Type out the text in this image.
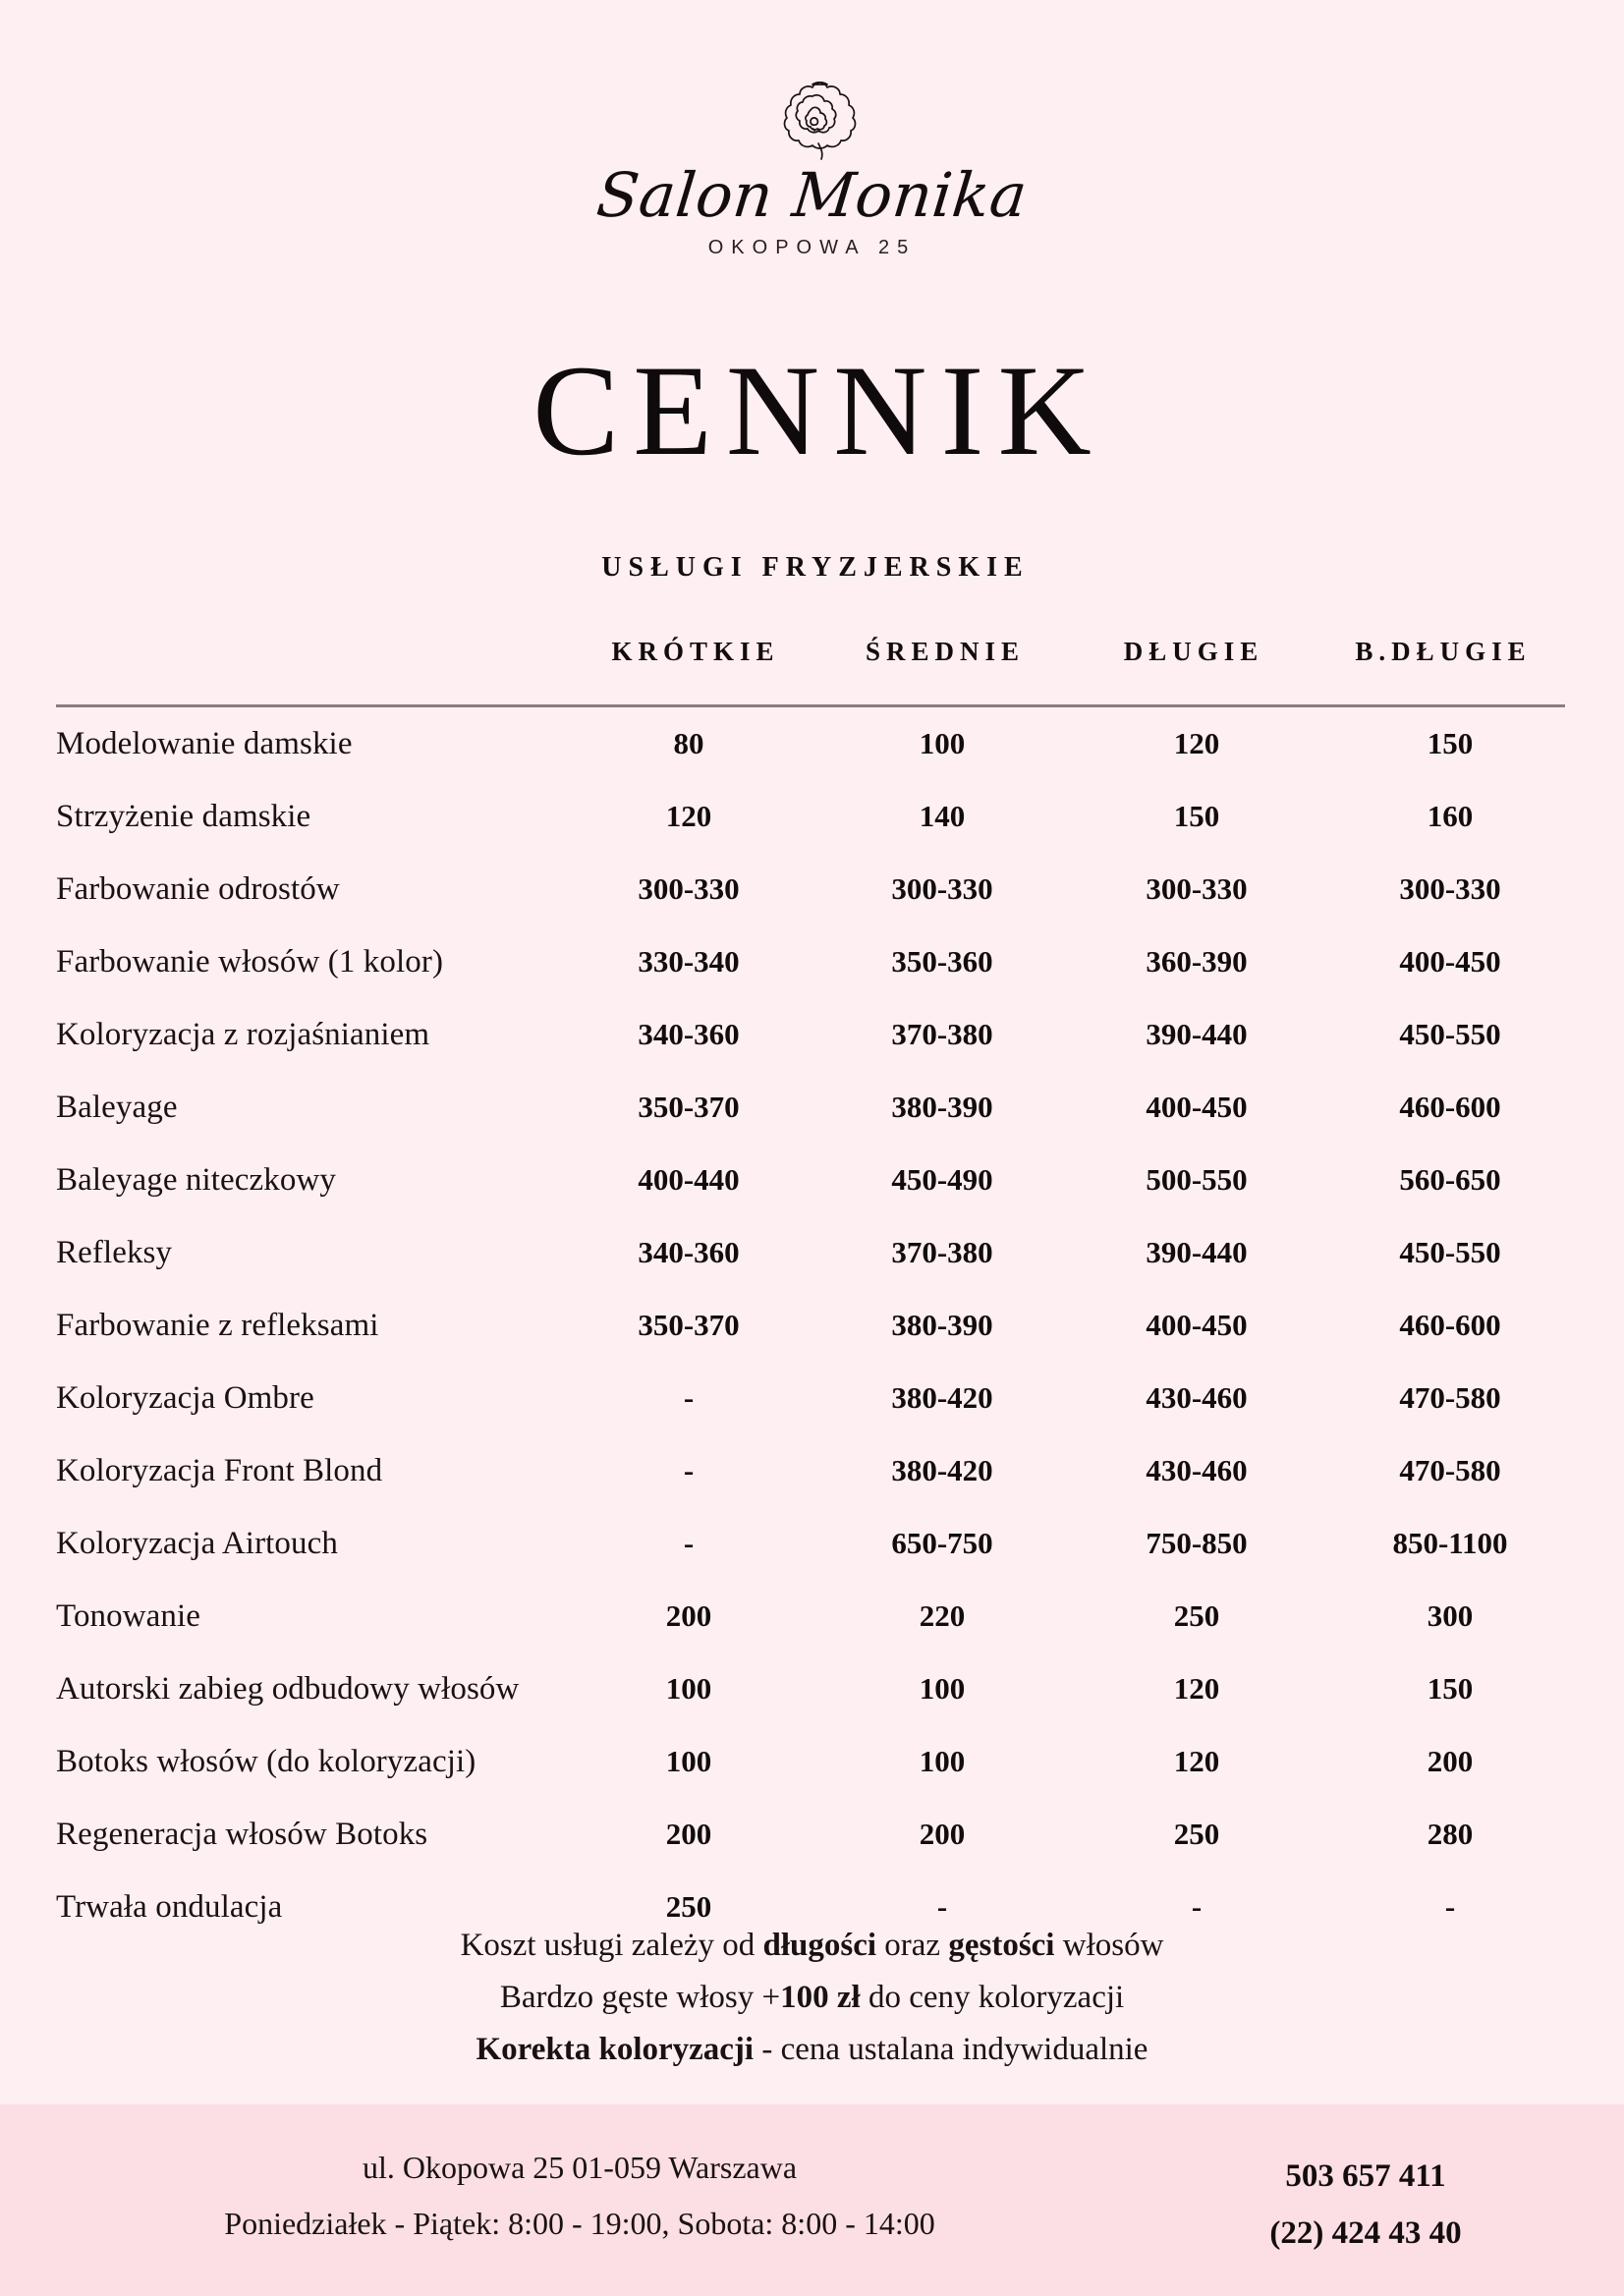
Salon Monika
OKOPOWA 25
CENNIK
USŁUGI FRYZJERSKIE
	KRÓTKIE	ŚREDNIE	DŁUGIE	B.DŁUGIE

Modelowanie damskie	80	100	120	150
Strzyżenie damskie	120	140	150	160
Farbowanie odrostów	300-330	300-330	300-330	300-330
Farbowanie włosów (1 kolor)	330-340	350-360	360-390	400-450
Koloryzacja z rozjaśnianiem	340-360	370-380	390-440	450-550
Baleyage	350-370	380-390	400-450	460-600
Baleyage niteczkowy	400-440	450-490	500-550	560-650
Refleksy	340-360	370-380	390-440	450-550
Farbowanie z refleksami	350-370	380-390	400-450	460-600
Koloryzacja Ombre	-	380-420	430-460	470-580
Koloryzacja Front Blond	-	380-420	430-460	470-580
Koloryzacja Airtouch	-	650-750	750-850	850-1100
Tonowanie	200	220	250	300
Autorski zabieg odbudowy włosów	100	100	120	150
Botoks włosów (do koloryzacji)	100	100	120	200
Regeneracja włosów Botoks	200	200	250	280
Trwała ondulacja	250	-	-	-
Koszt usługi zależy od długości oraz gęstości włosów
Bardzo gęste włosy +100 zł do ceny koloryzacji
Korekta koloryzacji - cena ustalana indywidualnie
ul. Okopowa 25 01-059 Warszawa
Poniedziałek - Piątek: 8:00 - 19:00, Sobota: 8:00 - 14:00
503 657 411
(22) 424 43 40
